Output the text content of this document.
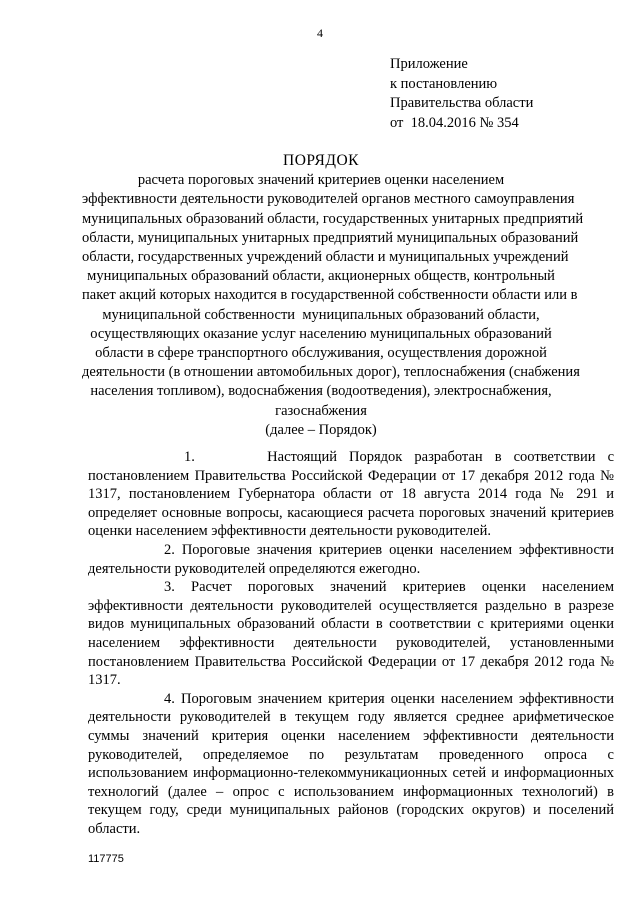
4
Приложение
к постановлению
Правительства области
от  18.04.2016 № 354
ПОРЯДОК
расчета пороговых значений критериев оценки населением
эффективности деятельности руководителей органов местного самоуправления
муниципальных образований области, государственных унитарных предприятий
области, муниципальных унитарных предприятий муниципальных образований
области, государственных учреждений области и муниципальных учреждений
муниципальных образований области, акционерных обществ, контрольный
пакет акций которых находится в государственной собственности области или в
муниципальной собственности  муниципальных образований области,
осуществляющих оказание услуг населению муниципальных образований
области в сфере транспортного обслуживания, осуществления дорожной
деятельности (в отношении автомобильных дорог), теплоснабжения (снабжения
населения топливом), водоснабжения (водоотведения), электроснабжения,
газоснабжения
(далее – Порядок)

1.	Настоящий Порядок разработан в соответствии с постановлением Правительства Российской Федерации от 17 декабря 2012 года № 1317, постановлением Губернатора области от 18 августа 2014 года № 291 и определяет основные вопросы, касающиеся расчета пороговых значений критериев оценки населением эффективности деятельности руководителей.

2. Пороговые значения критериев оценки населением эффективности деятельности руководителей определяются ежегодно.

3. Расчет пороговых значений критериев оценки населением эффективности деятельности руководителей осуществляется раздельно в разрезе видов муниципальных образований области в соответствии с критериями оценки населением эффективности деятельности руководителей, установленными постановлением Правительства Российской Федерации от 17 декабря 2012 года № 1317.

4. Пороговым значением критерия оценки населением эффективности деятельности руководителей в текущем году является среднее арифметическое суммы значений критерия оценки населением эффективности деятельности руководителей, определяемое по результатам проведенного опроса с использованием информационно-телекоммуникационных сетей и информационных технологий (далее – опрос с использованием информационных технологий) в текущем году, среди муниципальных районов (городских округов) и поселений области.

117775
